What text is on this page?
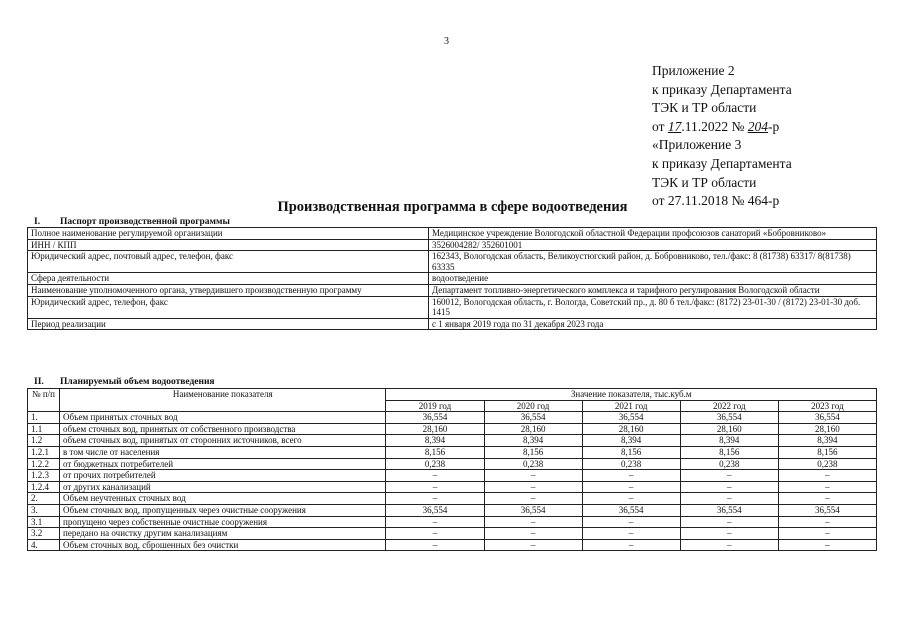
3
Приложение 2
к приказу Департамента
ТЭК и ТР области
от 17.11.2022 № 204-р
«Приложение 3
к приказу Департамента
ТЭК и ТР области
от 27.11.2018 № 464-р
Производственная программа в сфере водоотведения
I. Паспорт производственной программы
Полное наименование регулируемой организации	Медицинское учреждение Вологодской областной Федерации профсоюзов санаторий «Бобровниково»
ИНН / КПП	3526004282/ 352601001
Юридический адрес, почтовый адрес, телефон, факс	162343, Вологодская область, Великоустюгский район, д. Бобровниково, тел./факс: 8 (81738) 63317/ 8(81738) 63335
Сфера деятельности	водоотведение
Наименование уполномоченного органа, утвердившего производственную программу	Департамент топливно-энергетического комплекса и тарифного регулирования Вологодской области
Юридический адрес, телефон, факс	160012, Вологодская область, г. Вологда, Советский пр., д. 80 б тел./факс: (8172) 23-01-30 / (8172) 23-01-30 доб. 1415
Период реализации	с 1 января 2019 года по 31 декабря 2023 года
II. Планируемый объем водоотведения
№ п/п	Наименование показателя	Значение показателя, тыс.куб.м				
		2019 год	2020 год	2021 год	2022 год	2023 год
1.	Объем принятых сточных вод	36,554	36,554	36,554	36,554	36,554
1.1	объем сточных вод, принятых от собственного производства	28,160	28,160	28,160	28,160	28,160
1.2	объем сточных вод, принятых от сторонних источников, всего	8,394	8,394	8,394	8,394	8,394
1.2.1	в том числе от населения	8,156	8,156	8,156	8,156	8,156
1.2.2	от бюджетных потребителей	0,238	0,238	0,238	0,238	0,238
1.2.3	от прочих потребителей	–	–	–	–	–
1.2.4	от других канализаций	–	–	–	–	–
2.	Объем неучтенных сточных вод	–	–	–	–	–
3.	Объем сточных вод, пропущенных через очистные сооружения	36,554	36,554	36,554	36,554	36,554
3.1	пропущено через собственные очистные сооружения	–	–	–	–	–
3.2	передано на очистку другим канализациям	–	–	–	–	–
4.	Объем сточных вод, сброшенных без очистки	–	–	–	–	–
